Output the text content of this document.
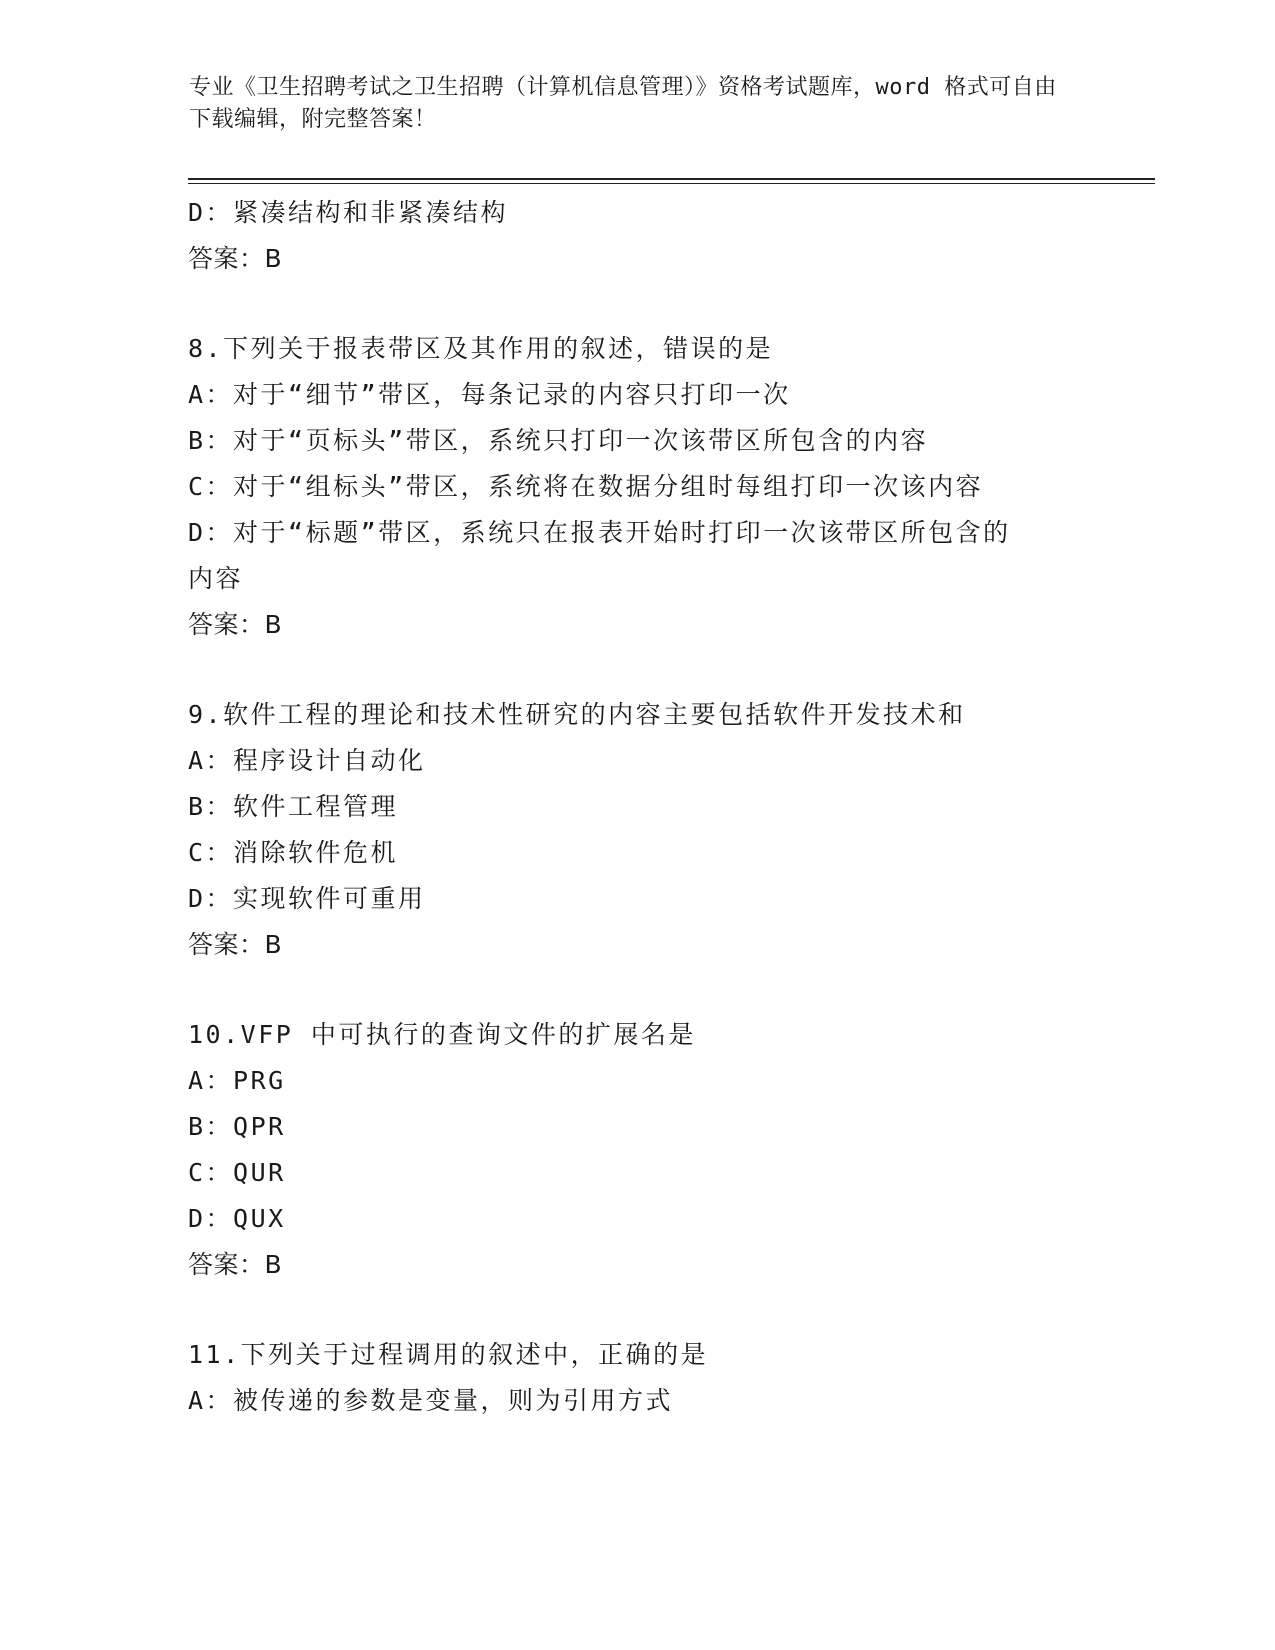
专业《卫生招聘考试之卫生招聘（计算机信息管理）》资格考试题库，word 格式可自由下载编辑，附完整答案！
D：紧凑结构和非紧凑结构
答案：B
8.下列关于报表带区及其作用的叙述，错误的是
A：对于“细节”带区，每条记录的内容只打印一次
B：对于“页标头”带区，系统只打印一次该带区所包含的内容
C：对于“组标头”带区，系统将在数据分组时每组打印一次该内容
D：对于“标题”带区，系统只在报表开始时打印一次该带区所包含的内容
答案：B
9.软件工程的理论和技术性研究的内容主要包括软件开发技术和
A：程序设计自动化
B：软件工程管理
C：消除软件危机
D：实现软件可重用
答案：B
10.VFP 中可执行的查询文件的扩展名是
A：PRG
B：QPR
C：QUR
D：QUX
答案：B
11.下列关于过程调用的叙述中，正确的是
A：被传递的参数是变量，则为引用方式
